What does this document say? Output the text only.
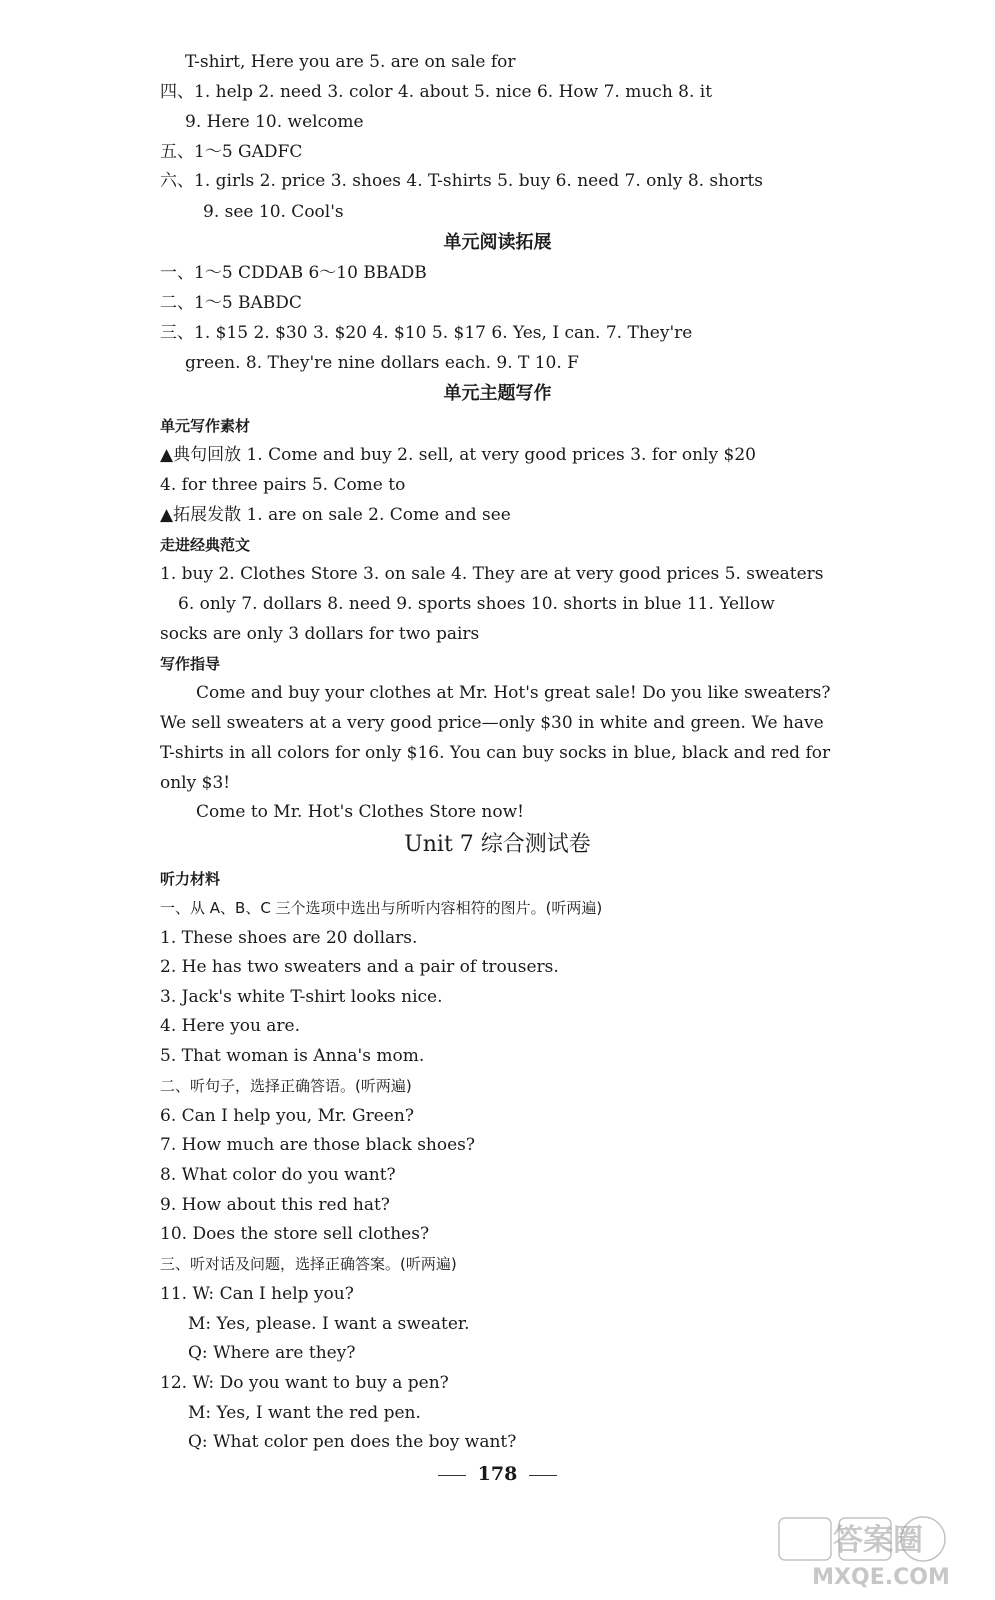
T-shirt, Here you are 5. are on sale for
四、1. help 2. need 3. color 4. about 5. nice 6. How 7. much 8. it
9. Here 10. welcome
五、1～5 GADFC
六、1. girls 2. price 3. shoes 4. T-shirts 5. buy 6. need 7. only 8. shorts
9. see 10. Cool's
单元阅读拓展
一、1～5 CDDAB 6～10 BBADB
二、1～5 BABDC
三、1. $15 2. $30 3. $20 4. $10 5. $17 6. Yes, I can. 7. They're
green. 8. They're nine dollars each. 9. T 10. F
单元主题写作
单元写作素材
▲典句回放 1. Come and buy 2. sell, at very good prices 3. for only $20
4. for three pairs 5. Come to
▲拓展发散 1. are on sale 2. Come and see
走进经典范文
1. buy 2. Clothes Store 3. on sale 4. They are at very good prices 5. sweaters
6. only 7. dollars 8. need 9. sports shoes 10. shorts in blue 11. Yellow
socks are only 3 dollars for two pairs
写作指导
Come and buy your clothes at Mr. Hot's great sale! Do you like sweaters?
We sell sweaters at a very good price—only $30 in white and green. We have
T-shirts in all colors for only $16. You can buy socks in blue, black and red for
only $3!
Come to Mr. Hot's Clothes Store now!
Unit 7 综合测试卷
听力材料
一、从 A、B、C 三个选项中选出与所听内容相符的图片。(听两遍)
1. These shoes are 20 dollars.
2. He has two sweaters and a pair of trousers.
3. Jack's white T-shirt looks nice.
4. Here you are.
5. That woman is Anna's mom.
二、听句子，选择正确答语。(听两遍)
6. Can I help you, Mr. Green?
7. How much are those black shoes?
8. What color do you want?
9. How about this red hat?
10. Does the store sell clothes?
三、听对话及问题，选择正确答案。(听两遍)
11. W: Can I help you?
M: Yes, please. I want a sweater.
Q: Where are they?
12. W: Do you want to buy a pen?
M: Yes, I want the red pen.
Q: What color pen does the boy want?
178
答案圈
MXQE.COM
